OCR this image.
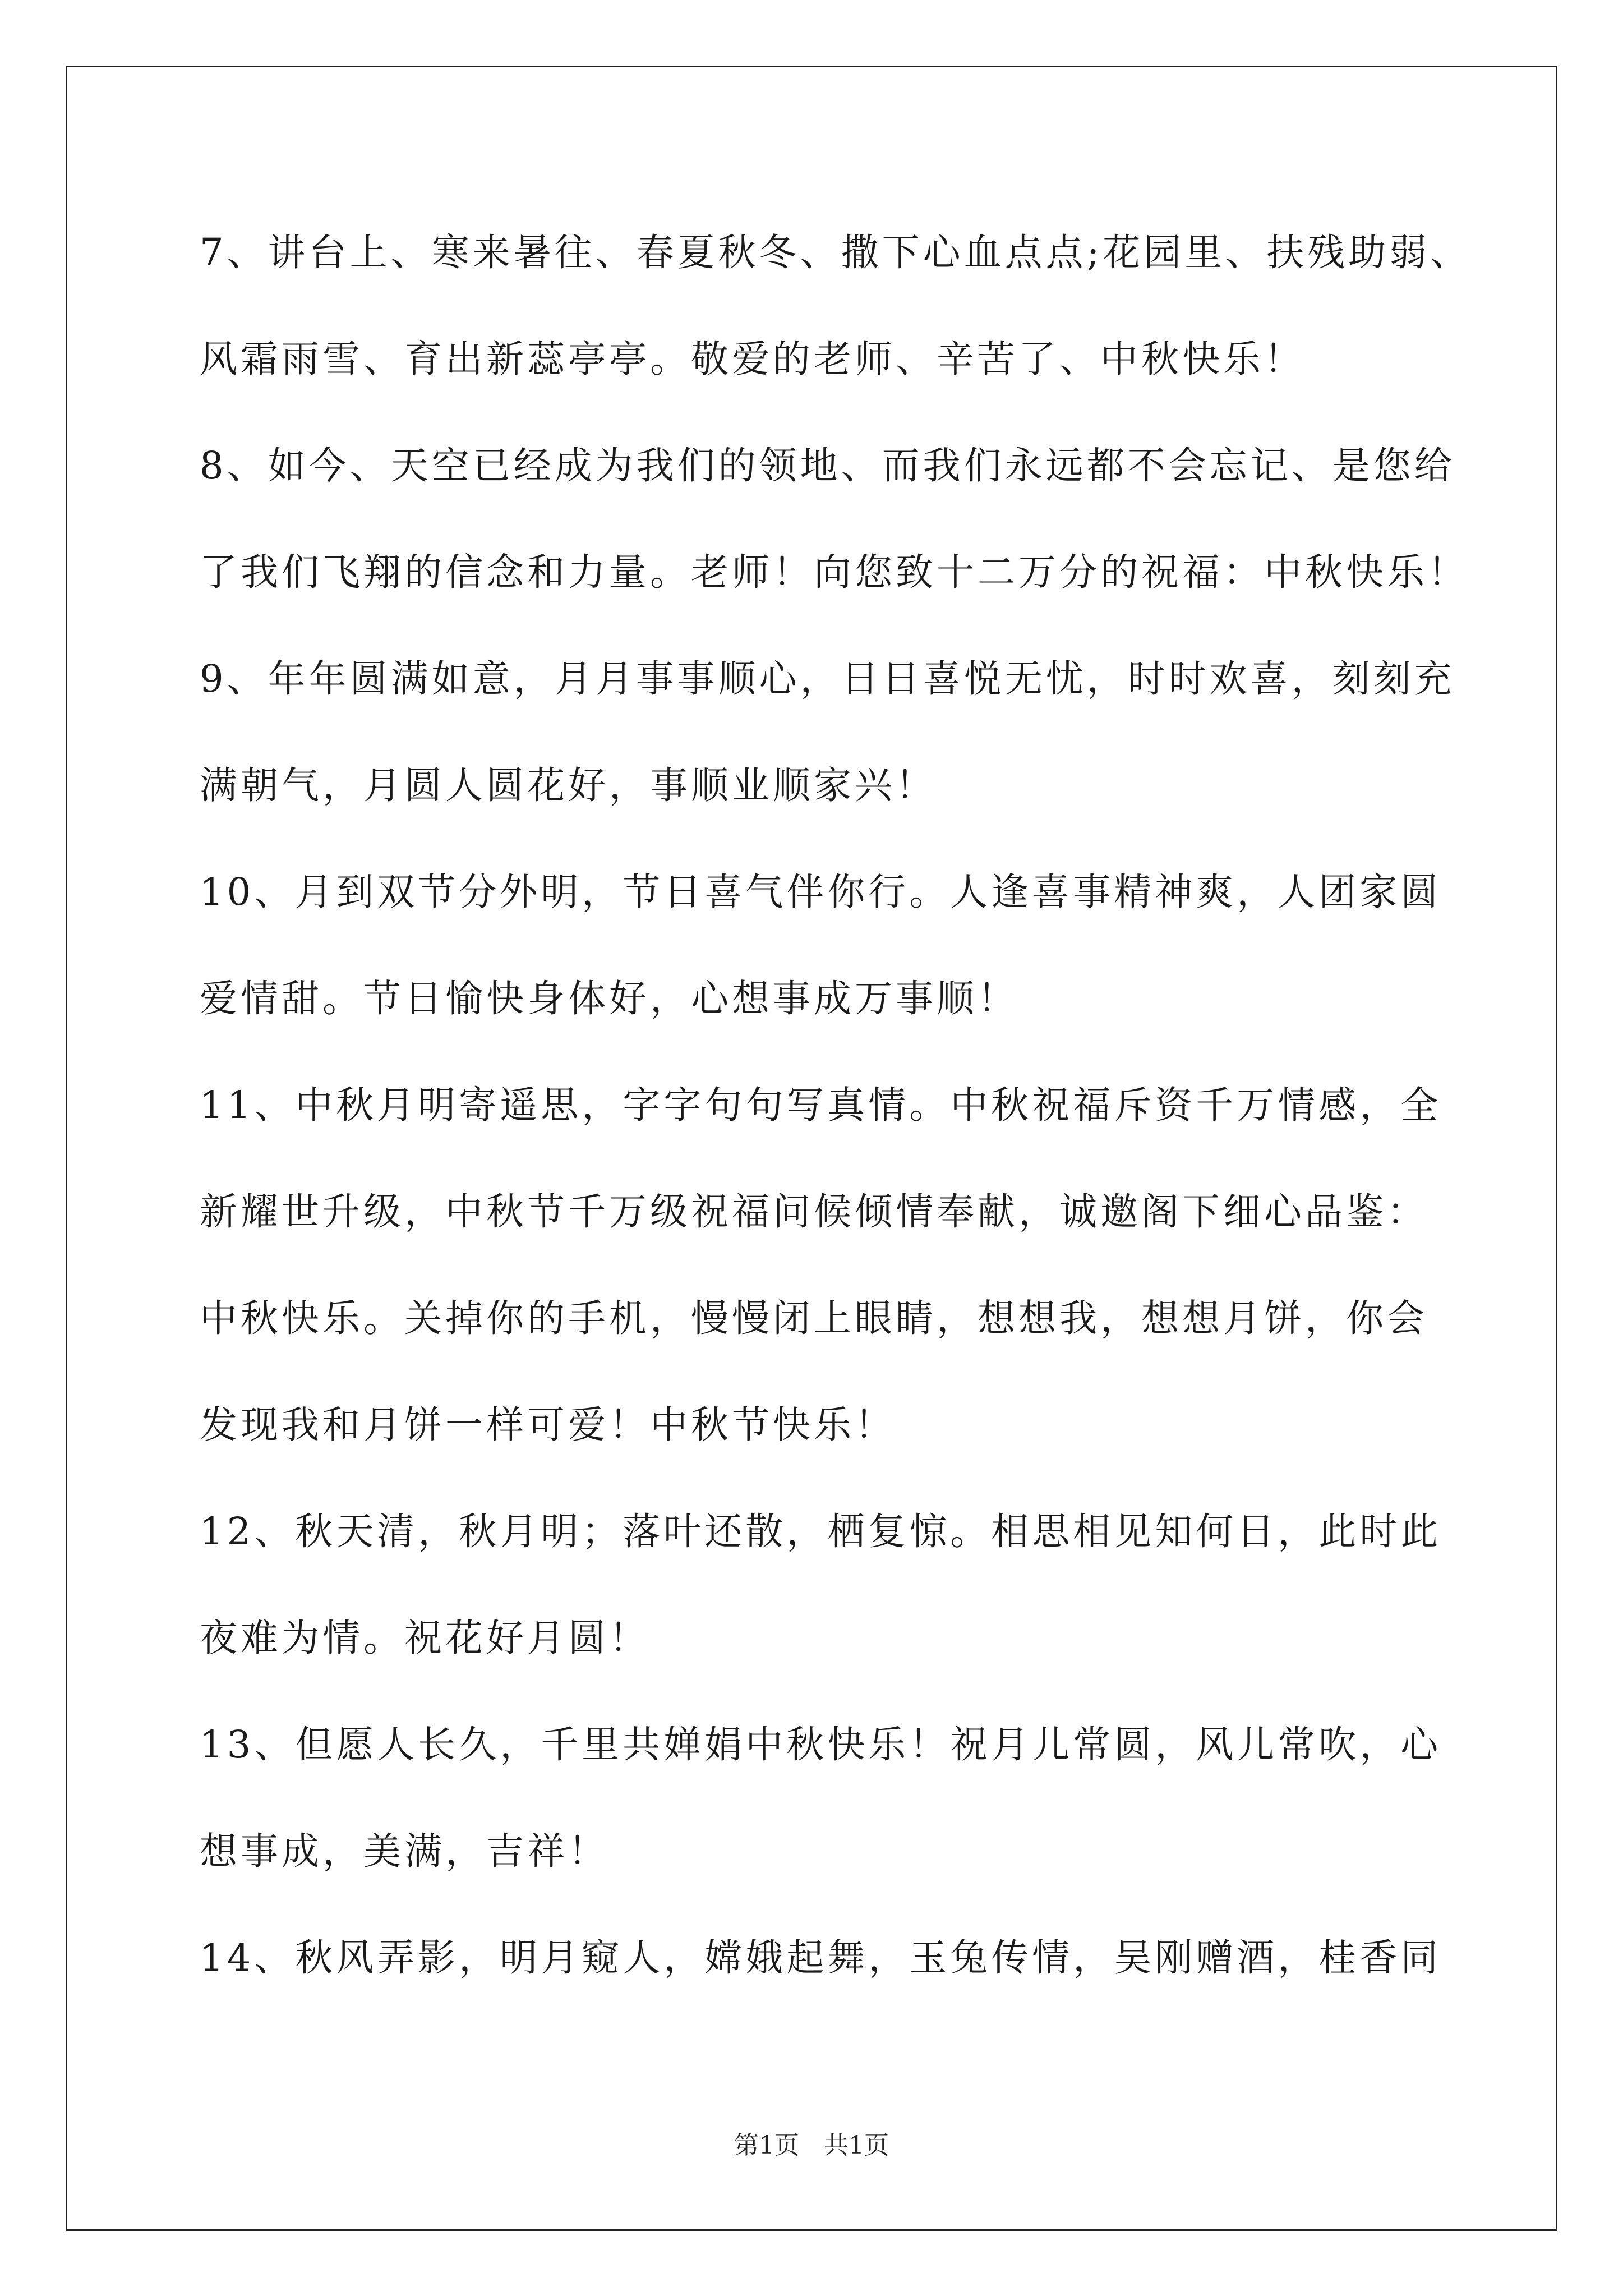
7、讲台上、寒来暑往、春夏秋冬、撒下心血点点;花园里、扶残助弱、
风霜雨雪、育出新蕊亭亭。敬爱的老师、辛苦了、中秋快乐！
8、如今、天空已经成为我们的领地、而我们永远都不会忘记、是您给
了我们飞翔的信念和力量。老师！向您致十二万分的祝福：中秋快乐！
9、年年圆满如意，月月事事顺心，日日喜悦无忧，时时欢喜，刻刻充
满朝气，月圆人圆花好，事顺业顺家兴！
10、月到双节分外明，节日喜气伴你行。人逢喜事精神爽，人团家圆
爱情甜。节日愉快身体好，心想事成万事顺！
11、中秋月明寄遥思，字字句句写真情。中秋祝福斥资千万情感，全
新耀世升级，中秋节千万级祝福问候倾情奉献，诚邀阁下细心品鉴：
中秋快乐。关掉你的手机，慢慢闭上眼睛，想想我，想想月饼，你会
发现我和月饼一样可爱！中秋节快乐！
12、秋天清，秋月明；落叶还散，栖复惊。相思相见知何日，此时此
夜难为情。祝花好月圆！
13、但愿人长久，千里共婵娟中秋快乐！祝月儿常圆，风儿常吹，心
想事成，美满，吉祥！
14、秋风弄影，明月窥人，嫦娥起舞，玉兔传情，吴刚赠酒，桂香同
第1页 共1页
